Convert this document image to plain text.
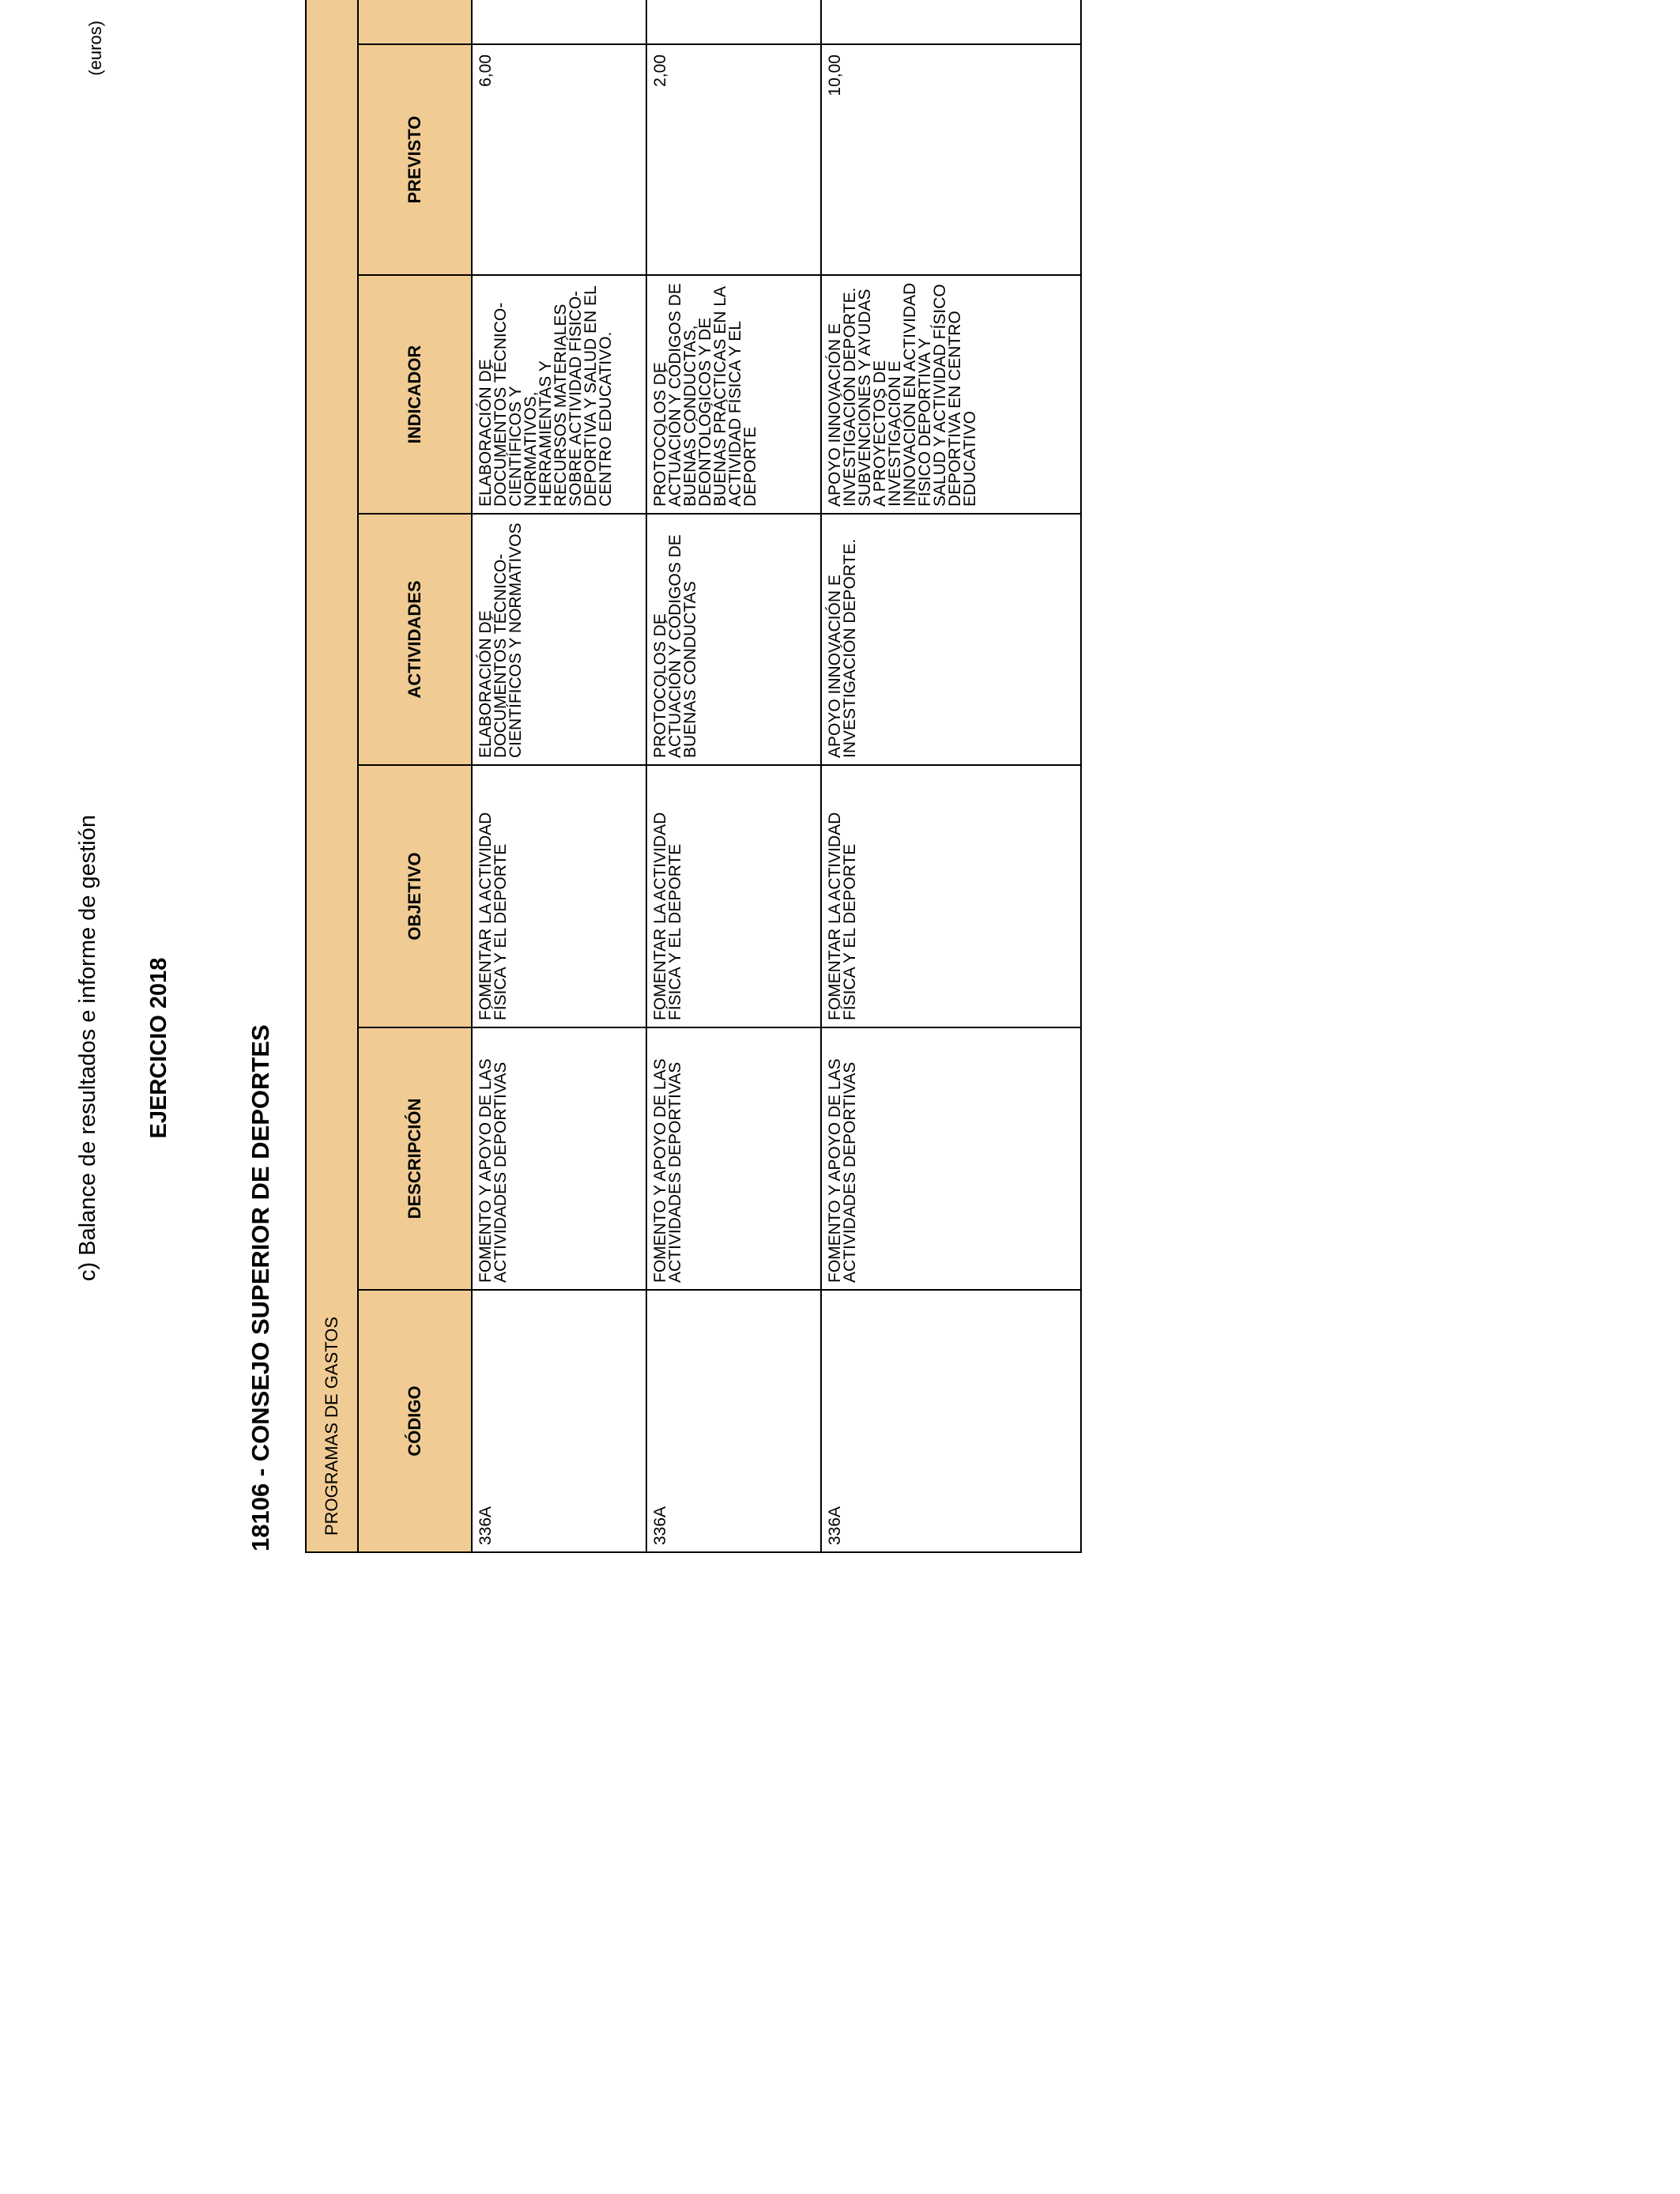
c) Balance de resultados e informe de gestión EJERCICIO 2018	18106 - CONSEJO SUPERIOR DE DEPORTES
(euros)
PROGRAMAS DE GASTOS							
CÓDIGO	DESCRIPCIÓN	OBJETIVO	ACTIVIDADES	INDICADOR	PREVISTO			
336A	FOMENTO Y APOYO DE LAS ACTIVIDADES DEPORTIVAS	FOMENTAR LA ACTIVIDAD FÍSICA Y EL DEPORTE	ELABORACIÓN DE DOCUMENTOS TÉCNICO-CIENTÍFICOS Y NORMATIVOS	ELABORACIÓN DE DOCUMENTOS TÉCNICO-CIENTÍFICOS Y NORMATIVOS, HERRAMIENTAS Y RECURSOS MATERIALES SOBRE ACTIVIDAD FÍSICO-DEPORTIVA Y SALUD EN EL CENTRO EDUCATIVO.	6,00			
336A	FOMENTO Y APOYO DE LAS ACTIVIDADES DEPORTIVAS	FOMENTAR LA ACTIVIDAD FÍSICA Y EL DEPORTE	PROTOCOLOS DE ACTUACIÓN Y CÓDIGOS DE BUENAS CONDUCTAS	PROTOCOLOS DE ACTUACIÓN Y CÓDIGOS DE BUENAS CONDUCTAS, DEONTOLÓGICOS Y DE BUENAS PRÁCTICAS EN LA ACTIVIDAD FÍSICA Y EL DEPORTE	2,00			
336A	FOMENTO Y APOYO DE LAS ACTIVIDADES DEPORTIVAS	FOMENTAR LA ACTIVIDAD FÍSICA Y EL DEPORTE	APOYO INNOVACIÓN E INVESTIGACIÓN DEPORTE.	APOYO INNOVACIÓN E INVESTIGACIÓN DEPORTE. SUBVENCIONES Y AYUDAS A PROYECTOS DE INVESTIGACIÓN E INNOVACIÓN EN ACTIVIDAD FÍSICO DEPORTIVA Y SALUD Y ACTIVIDAD FÍSICO DEPORTIVA EN CENTRO EDUCATIVO	10,00			
